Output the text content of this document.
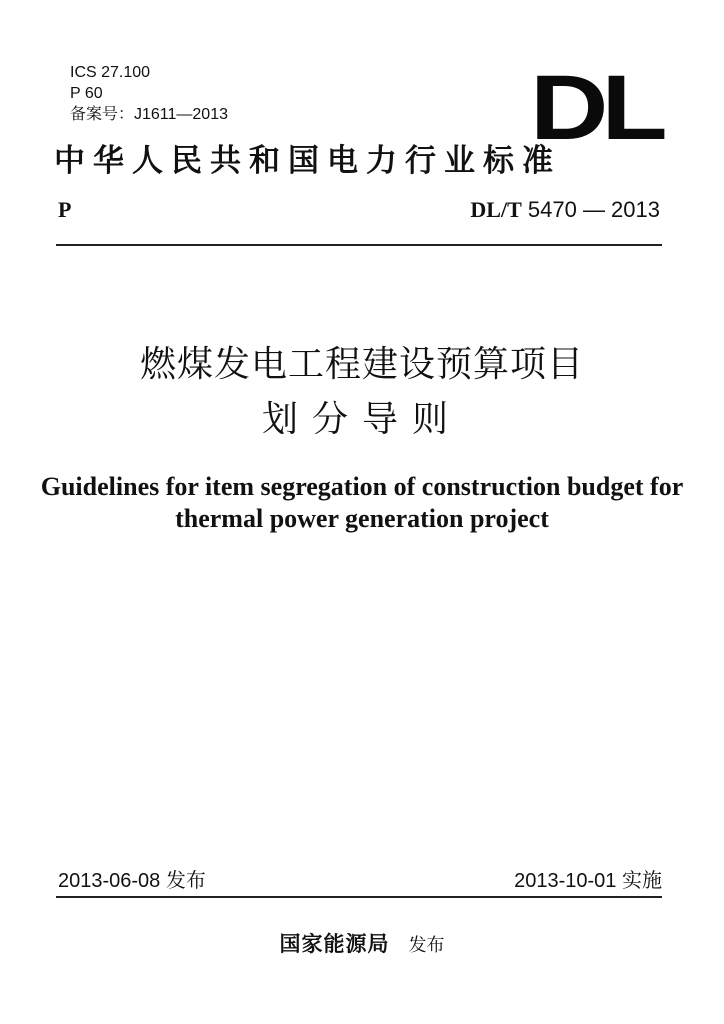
ICS 27.100
P 60
备案号：J1611—2013	DL
中华人民共和国电力行业标准
P	DL/T 5470 — 2013
燃煤发电工程建设预算项目
划分导则
Guidelines for item segregation of construction budget for
thermal power generation project
2013-06-08 发布	2013-10-01 实施
国家能源局 发布
